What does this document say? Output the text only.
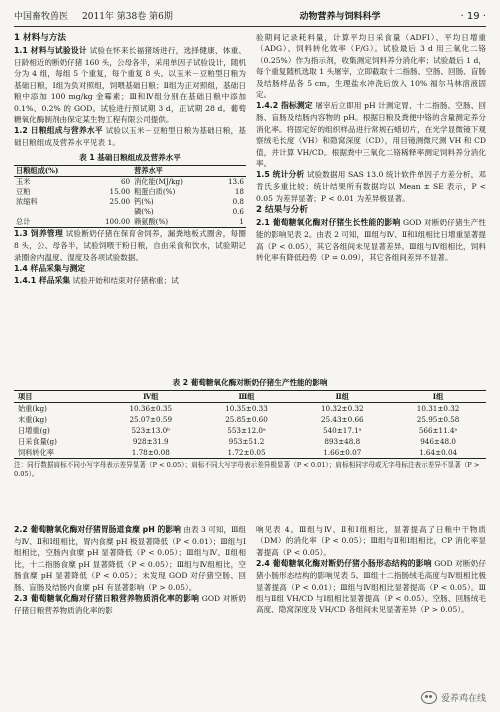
中国畜牧兽医 2011年 第38卷 第6期	动物营养与饲料科学	· 19 ·
1 材料与方法

1.1 材料与试验设计 试验在怀来长福猪场进行，选择健康、体重、日龄相近的断奶仔猪 160 头，公母各半，采用单因子试验设计，随机分为 4 组，每组 5 个重复，每个重复 8 头。以玉米－豆粕型日粮为基础日粮，Ⅰ组为负对照组，饲喂基础日粮；Ⅱ组为正对照组，基础日粮中添加 100 mg/kg 金霉素；Ⅲ和Ⅳ组分别在基础日粮中添加 0.1%、0.2% 的 GOD。试验进行预试期 3 d，正试期 28 d。葡萄糖氧化酶制剂由保定某生物工程有限公司提供。

1.2 日粮组成与营养水平 试验以玉米－豆粕型日粮为基础日粮，基础日粮组成及营养水平见表 1。

表 1 基础日粮组成及营养水平
日粮组成(%)		营养水平	
玉米	60	消化能(MJ/kg)	13.6
豆粕	15.00	粗蛋白质(%)	18
浓缩料	25.00	钙(%)	0.8
		磷(%)	0.6
总计	100.00	赖氨酸(%)	1

1.3 饲养管理 试验断奶仔猪在保育舍饲养，漏粪地板式圈舍，每圈 8 头，公、母各半，试验饲喂干粉日粮，自由采食和饮水，试验期记录圈舍内温度、湿度及各项试验数据。

1.4 样品采集与测定

1.4.1 样品采集 试验开始和结束对仔猪称重；试

验期间记录耗料量，计算平均日采食量（ADFI）、平均日增重（ADG）、饲料转化效率（F/G）。试验最后 3 d 用三氧化二铬（0.25%）作为指示剂，收集测定饲料养分消化率；试验最后 1 d，每个重复随机选取 1 头屠宰，立即截取十二指肠、空肠、回肠、盲肠及结肠样品各 5 cm，生理盐水冲洗后放入 10% 福尔马林溶液固定。

1.4.2 指标测定 屠宰后立即用 pH 计测定胃、十二指肠、空肠、回肠、盲肠及结肠内容物的 pH。根据日粮及粪便中铬的含量测定养分消化率。将固定好的组织样品进行常规石蜡切片，在光学显微镜下观察绒毛长度（VH）和隐窝深度（CD），用目镜测微尺测 VH 和 CD 值，并计算 VH/CD。根据粪中三氧化二铬稀释率测定饲料养分消化率。

1.5 统计分析 试验数据用 SAS 13.0 统计软件单因子方差分析，邓肯氏多重比较；统计结果所有数据均以 Mean ± SE 表示，P < 0.05 为差异显著；P < 0.01 为差异极显著。

2 结果与分析

2.1 葡萄糖氧化酶对仔猪生长性能的影响 GOD 对断奶仔猪生产性能的影响见表 2。由表 2 可知，Ⅲ组与Ⅳ、Ⅱ和Ⅰ组相比日增重显著提高（P < 0.05），其它各组间未见显著差异。Ⅲ组与Ⅳ组相比，饲料转化率有降低趋势（P = 0.09），其它各组间差异不显著。

表 2 葡萄糖氧化酶对断奶仔猪生产性能的影响
项目	Ⅳ组	Ⅲ组	Ⅱ组	Ⅰ组
始重(kg)	10.36±0.35	10.35±0.33	10.32±0.32	10.31±0.32
末重(kg)	25.07±0.59	25.85±0.60	25.43±0.66	25.95±0.58
日增重(g)	523±13.0ᵇ	553±12.0ᵃ	540±17.1ᵃ	566±11.4ᵃ
日采食量(g)	928±31.9	953±51.2	893±48.8	946±48.0
饲料转化率	1.78±0.08	1.72±0.05	1.66±0.07	1.64±0.04
注：同行数据肩标不同小写字母表示差异显著（P < 0.05）；肩标不同大写字母表示差异极显著（P < 0.01）；肩标相同字母或无字母标注表示差异不显著（P > 0.05）。

2.2 葡萄糖氧化酶对仔猪胃肠道食糜 pH 的影响 由表 3 可知，Ⅲ组与Ⅳ、Ⅱ和Ⅰ组相比，胃内食糜 pH 极显著降低（P < 0.01）；Ⅲ组与Ⅰ组相比，空肠内食糜 pH 显著降低（P < 0.05）；Ⅲ组与Ⅳ、Ⅱ组相比，十二指肠食糜 pH 显著降低（P < 0.05）；Ⅲ组与Ⅳ组相比，空肠食糜 pH 显著降低（P < 0.05）；未发现 GOD 对仔猪空肠、回肠、盲肠及结肠内食糜 pH 有显著影响（P > 0.05）。

2.3 葡萄糖氧化酶对仔猪日粮营养物质消化率的影响 GOD 对断奶仔猪日粮营养物质消化率的影

响见表 4。Ⅲ组与Ⅳ、Ⅱ和Ⅰ组相比，显著提高了日粮中干物质（DM）的消化率（P < 0.05）；Ⅲ组与Ⅱ和Ⅰ组相比，CP 消化率显著提高（P < 0.05）。

2.4 葡萄糖氧化酶对断奶仔猪小肠形态结构的影响 GOD 对断奶仔猪小肠形态结构的影响见表 5。Ⅲ组十二指肠绒毛高度与Ⅳ组相比极显著提高（P < 0.01）；Ⅲ组与Ⅳ组相比显著提高（P < 0.05）。Ⅲ组与Ⅱ组 VH/CD 与Ⅰ组相比显著提高（P < 0.05）。空肠、回肠绒毛高度、隐窝深度及 VH/CD 各组间未见显著差异（P > 0.05）。

爱养鸡在线
